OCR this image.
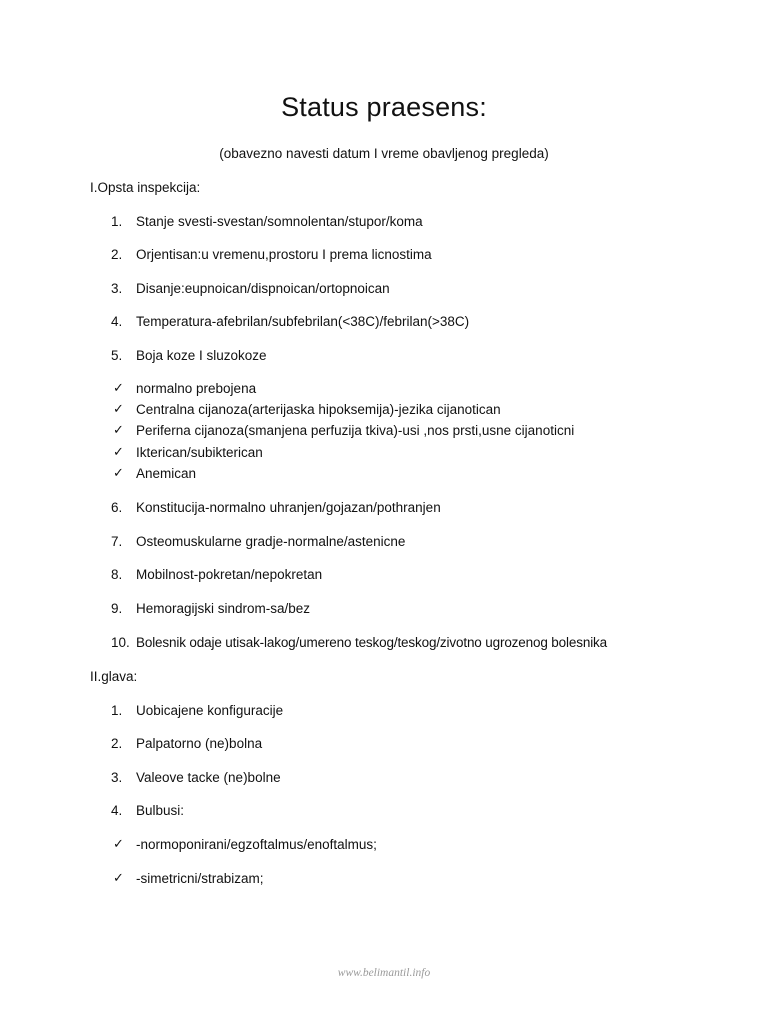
Status praesens:
(obavezno navesti datum I vreme obavljenog pregleda)
I.Opsta inspekcija:
1. Stanje svesti-svestan/somnolentan/stupor/koma
2. Orjentisan:u vremenu,prostoru I prema licnostima
3. Disanje:eupnoican/dispnoican/ortopnoican
4. Temperatura-afebrilan/subfebrilan(<38C)/febrilan(>38C)
5. Boja koze I sluzokoze
✓ normalno prebojena
✓ Centralna cijanoza(arterijaska hipoksemija)-jezika cijanotican
✓ Periferna cijanoza(smanjena perfuzija tkiva)-usi ,nos prsti,usne cijanoticni
✓ Ikterican/subikterican
✓ Anemican
6. Konstitucija-normalno uhranjen/gojazan/pothranjen
7. Osteomuskularne gradje-normalne/astenicne
8. Mobilnost-pokretan/nepokretan
9. Hemoragijski sindrom-sa/bez
10. Bolesnik odaje utisak-lakog/umereno teskog/teskog/zivotno ugrozenog bolesnika
II.glava:
1. Uobicajene konfiguracije
2. Palpatorno (ne)bolna
3. Valeove tacke (ne)bolne
4. Bulbusi:
✓ -normoponirani/egzoftalmus/enoftalmus;
✓ -simetricni/strabizam;
www.belimantil.info
